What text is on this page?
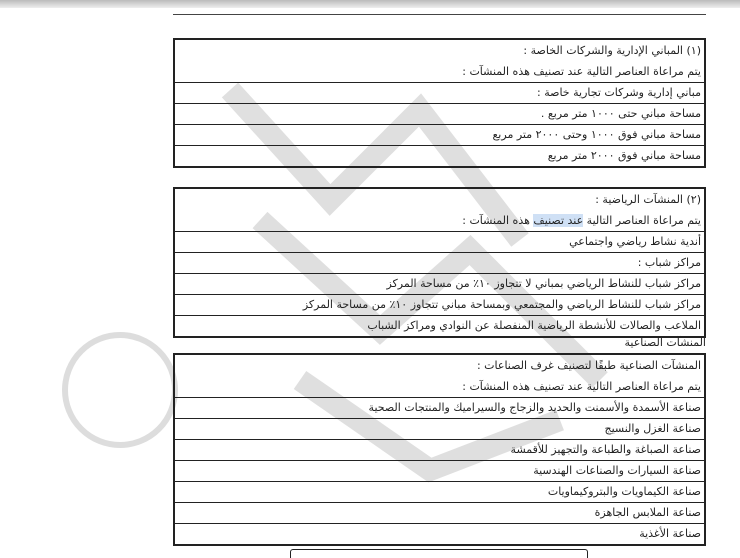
(١) المباني الإدارية والشركات الخاصة :
يتم مراعاة العناصر التالية عند تصنيف هذه المنشآت :

مباني إدارية وشركات تجارية خاصة :
مساحة مباني حتى ١٠٠٠ متر مربع .
مساحة مباني فوق ١٠٠٠ وحتى ٢٠٠٠ متر مربع
مساحة مباني فوق ٢٠٠٠ متر مربع
(٢) المنشآت الرياضية :
يتم مراعاة العناصر التالية عند تصنيف هذه المنشآت :

أندية نشاط رياضي واجتماعي
مراكز شباب :
مراكز شباب للنشاط الرياضي بمباني لا تتجاوز ١٠٪ من مساحة المركز
مراكز شباب للنشاط الرياضي والمجتمعي وبمساحة مباني تتجاوز ١٠٪ من مساحة المركز
الملاعب والصالات للأنشطة الرياضية المنفصلة عن النوادي ومراكز الشباب
المنشآت الصناعية
المنشآت الصناعية طبقًا لتصنيف غرف الصناعات :
يتم مراعاة العناصر التالية عند تصنيف هذه المنشآت :

صناعة الأسمدة والأسمنت والحديد والزجاج والسيراميك والمنتجات الصحية
صناعة الغزل والنسيج
صناعة الصباغة والطباعة والتجهيز للأقمشة
صناعة السيارات والصناعات الهندسية
صناعة الكيماويات والبتروكيماويات
صناعة الملابس الجاهزة
صناعة الأغذية
